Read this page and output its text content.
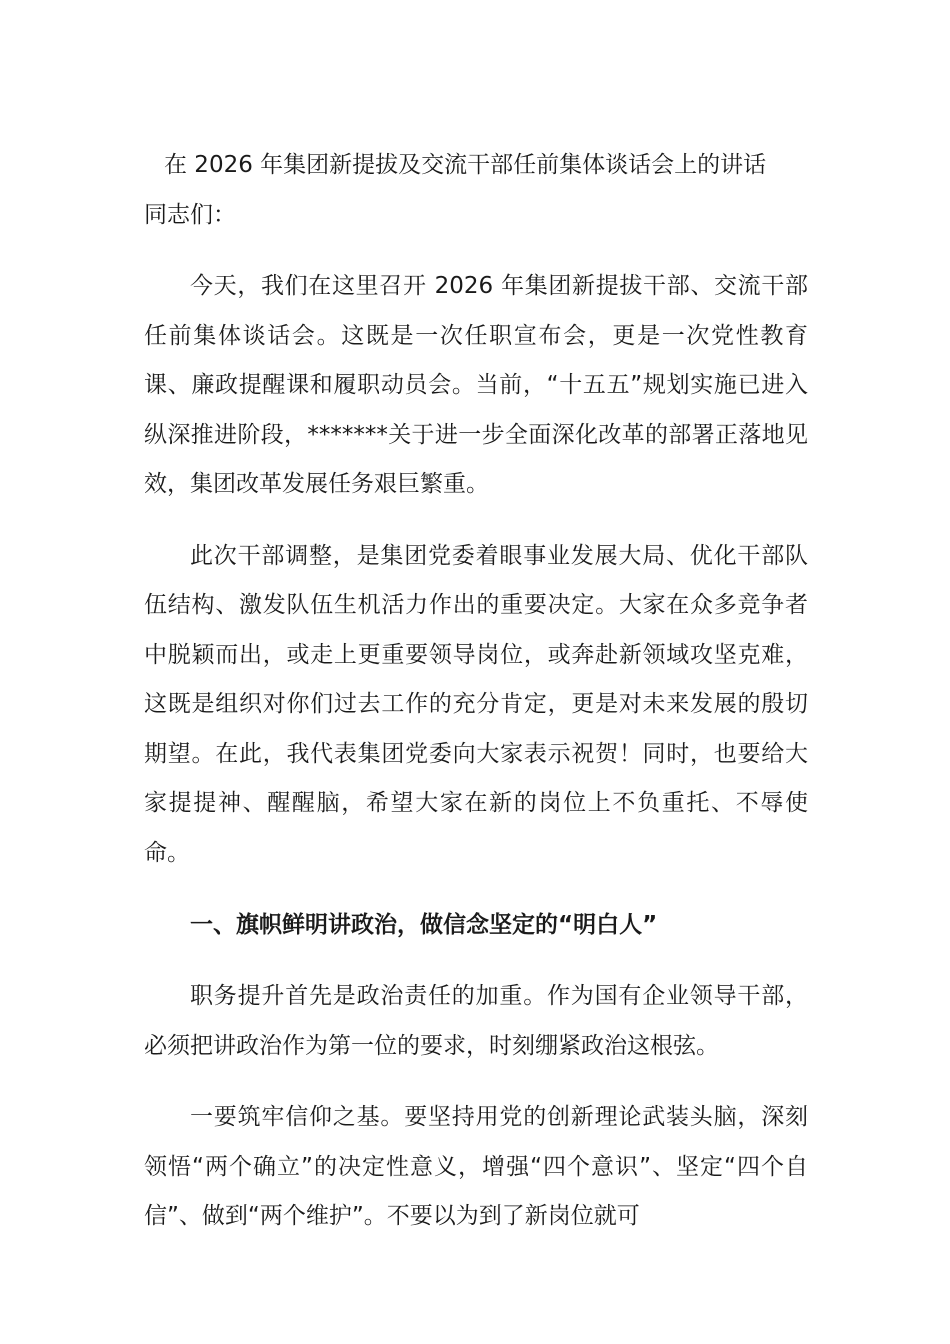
在 2026 年集团新提拔及交流干部任前集体谈话会上的讲话

同志们：

今天，我们在这里召开 2026 年集团新提拔干部、交流干部任前集体谈话会。这既是一次任职宣布会，更是一次党性教育课、廉政提醒课和履职动员会。当前，“十五五”规划实施已进入纵深推进阶段，*******关于进一步全面深化改革的部署正落地见效，集团改革发展任务艰巨繁重。

此次干部调整，是集团党委着眼事业发展大局、优化干部队伍结构、激发队伍生机活力作出的重要决定。大家在众多竞争者中脱颖而出，或走上更重要领导岗位，或奔赴新领域攻坚克难，这既是组织对你们过去工作的充分肯定，更是对未来发展的殷切期望。在此，我代表集团党委向大家表示祝贺！同时，也要给大家提提神、醒醒脑，希望大家在新的岗位上不负重托、不辱使命。

一、旗帜鲜明讲政治，做信念坚定的“明白人”

职务提升首先是政治责任的加重。作为国有企业领导干部，必须把讲政治作为第一位的要求，时刻绷紧政治这根弦。

一要筑牢信仰之基。要坚持用党的创新理论武装头脑，深刻领悟“两个确立”的决定性意义，增强“四个意识”、坚定“四个自信”、做到“两个维护”。不要以为到了新岗位就可
